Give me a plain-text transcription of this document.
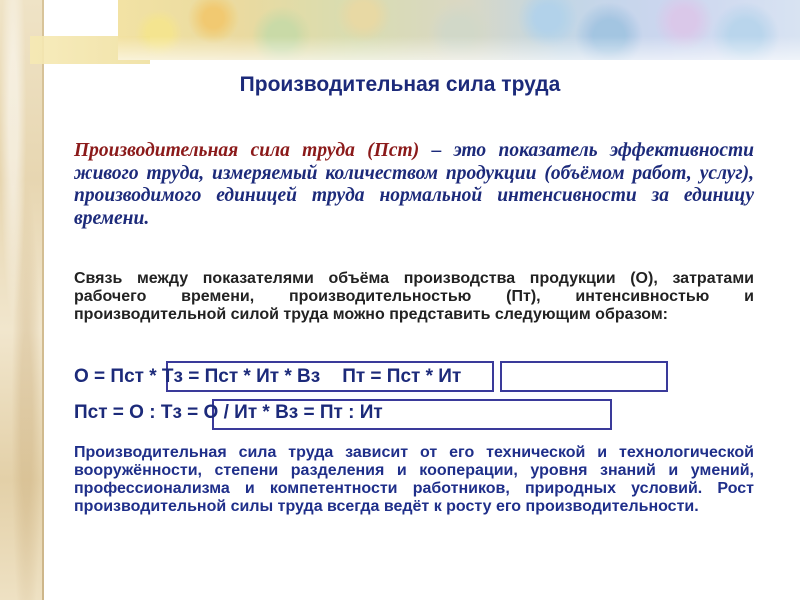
Производительная сила труда

Производительная сила труда (Пст) – это показатель эффективности живого труда, измеряемый количеством продукции (объёмом работ, услуг), производимого единицей труда нормальной интенсивности за единицу времени.

Связь между показателями объёма производства продукции (О), затратами рабочего времени, производительностью (Пт), интенсивностью и производительной силой труда можно представить следующим образом:

О = Пст * Тз = Пст * Ит * Вз Пт = Пст * Ит

Пст = О : Тз = О / Ит * Вз = Пт : Ит

Производительная сила труда зависит от его технической и технологической вооружённости, степени разделения и кооперации, уровня знаний и умений, профессионализма и компетентности работников, природных условий. Рост производительной силы труда всегда ведёт к росту его производительности.
